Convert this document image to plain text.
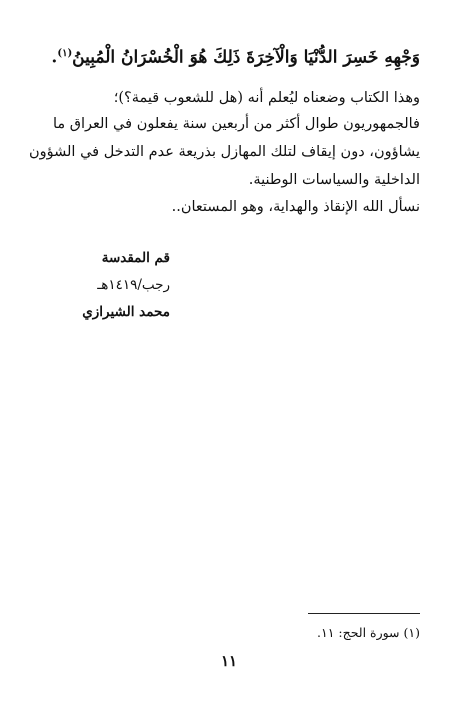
وَجْهِهِ خَسِرَ الدُّنْيَا وَالْآخِرَةَ ذَلِكَ هُوَ الْخُسْرَانُ الْمُبِينُ$^{(١)}$.
وهذا الكتاب وضعناه ليُعلم أنه (هل للشعوب قيمة؟)؛
فالجمهوريون طوال أكثر من أربعين سنة يفعلون في العراق ما
يشاؤون، دون إيقاف لتلك المهازل بذريعة عدم التدخل في الشؤون
الداخلية والسياسات الوطنية.
نسأل الله الإنقاذ والهداية، وهو المستعان..
قم المقدسة
رجب/١٤١٩هـ
محمد الشيرازي
(١) سورة الحج: ١١.
١١
